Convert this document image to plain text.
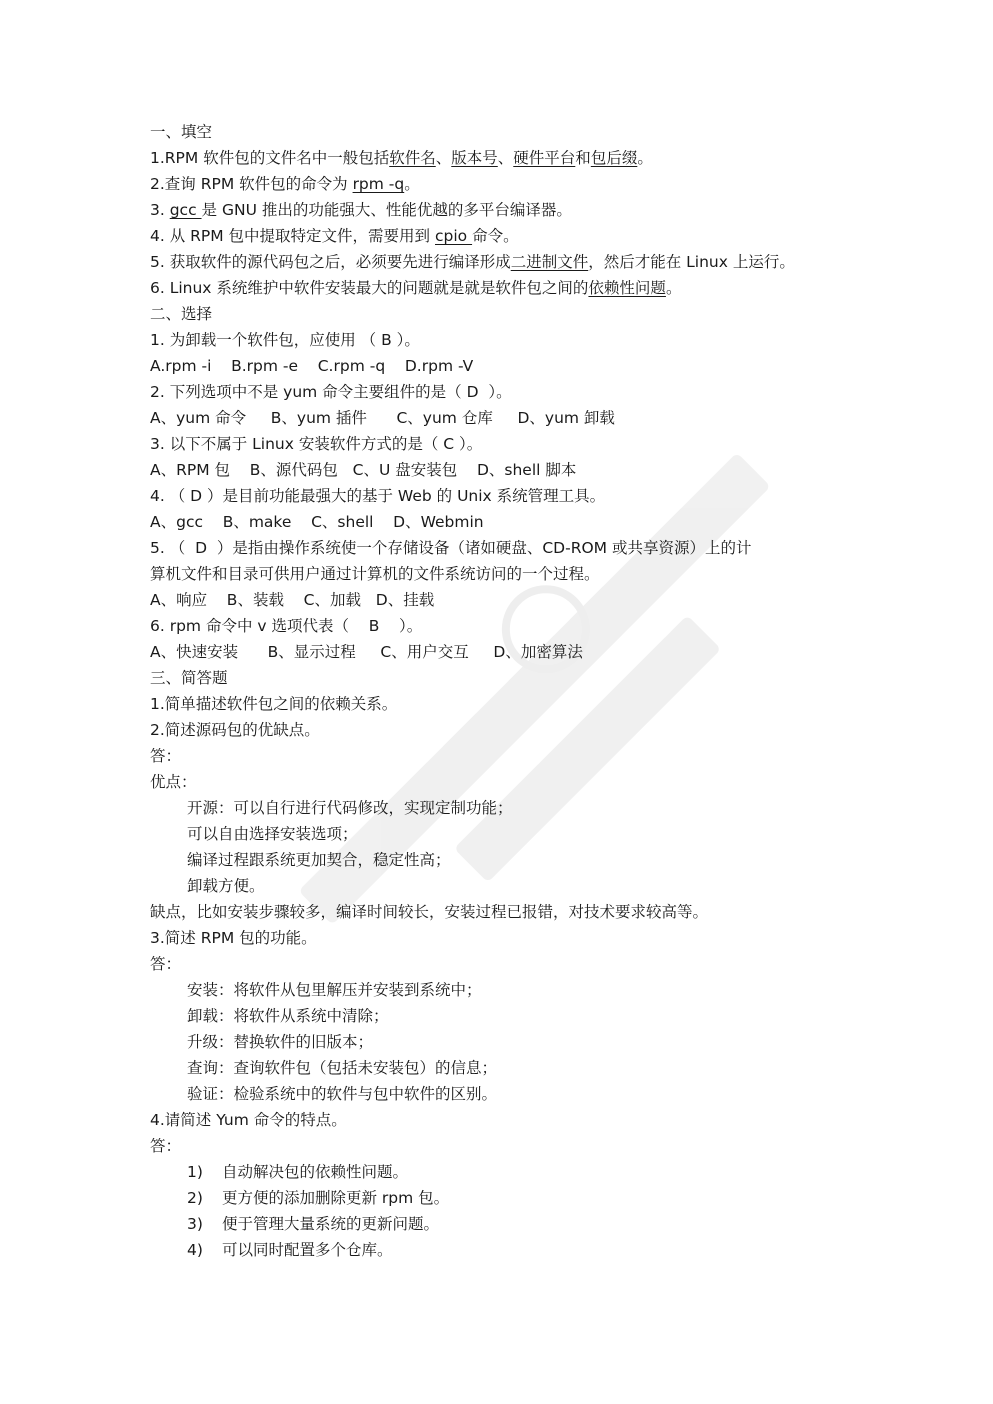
一、填空
1.RPM 软件包的文件名中一般包括软件名、版本号、硬件平台和包后缀。
2.查询 RPM 软件包的命令为 rpm -q。
3. gcc 是 GNU 推出的功能强大、性能优越的多平台编译器。
4. 从 RPM 包中提取特定文件，需要用到 cpio 命令。
5. 获取软件的源代码包之后，必须要先进行编译形成二进制文件，然后才能在 Linux 上运行。
6. Linux 系统维护中软件安装最大的问题就是就是软件包之间的依赖性问题。
二、选择
1. 为卸载一个软件包，应使用 （ B ）。
A.rpm -i    B.rpm -e    C.rpm -q    D.rpm -V
2. 下列选项中不是 yum 命令主要组件的是（ D  ）。
A、yum 命令     B、yum 插件      C、yum 仓库     D、yum 卸载
3. 以下不属于 Linux 安装软件方式的是（ C ）。
A、RPM 包    B、源代码包   C、U 盘安装包    D、shell 脚本
4. （ D ）是目前功能最强大的基于 Web 的 Unix 系统管理工具。
A、gcc    B、make    C、shell    D、Webmin
5. （  D  ）是指由操作系统使一个存储设备（诸如硬盘、CD-ROM 或共享资源）上的计
算机文件和目录可供用户通过计算机的文件系统访问的一个过程。
A、响应    B、装载    C、加载   D、挂载
6. rpm 命令中 v 选项代表（    B    ）。
A、快速安装      B、显示过程     C、用户交互     D、加密算法
三、简答题
1.简单描述软件包之间的依赖关系。
2.简述源码包的优缺点。
答：
优点：
开源：可以自行进行代码修改，实现定制功能；
可以自由选择安装选项；
编译过程跟系统更加契合，稳定性高；
卸载方便。
缺点，比如安装步骤较多，编译时间较长，安装过程已报错，对技术要求较高等。
3.简述 RPM 包的功能。
答：
安装：将软件从包里解压并安装到系统中；
卸载：将软件从系统中清除；
升级：替换软件的旧版本；
查询：查询软件包（包括未安装包）的信息；
验证：检验系统中的软件与包中软件的区别。
4.请简述 Yum 命令的特点。
答：
1) 自动解决包的依赖性问题。
2) 更方便的添加删除更新 rpm 包。
3) 便于管理大量系统的更新问题。
4) 可以同时配置多个仓库。
